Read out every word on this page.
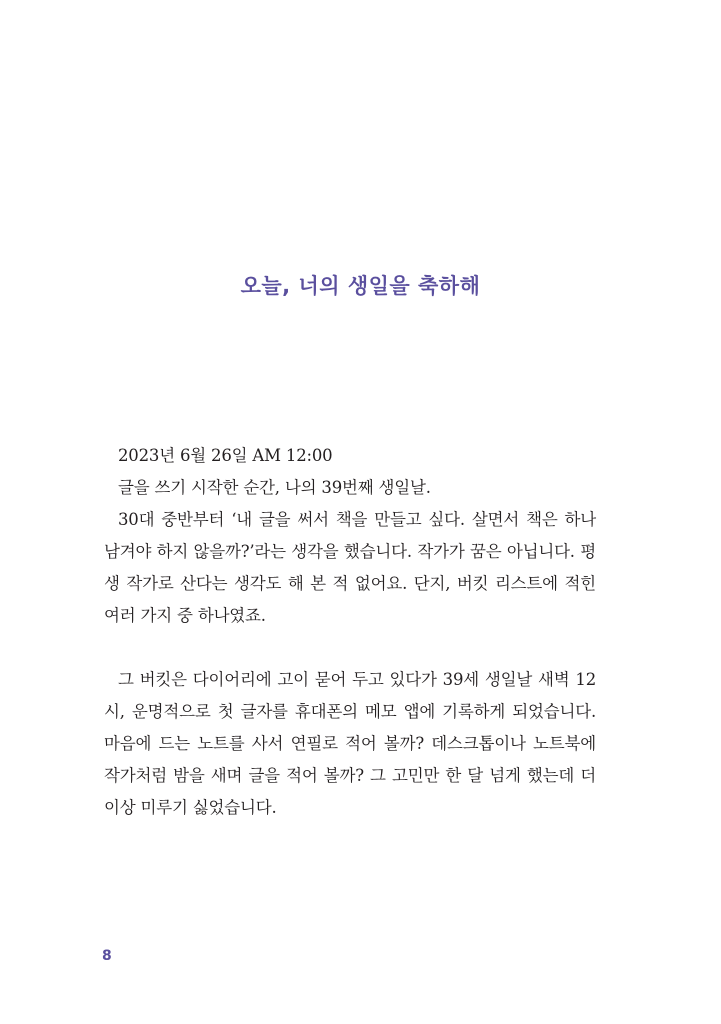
오늘, 너의 생일을 축하해

2023년 6월 26일 AM 12:00

글을 쓰기 시작한 순간, 나의 39번째 생일날.

30대 중반부터 ‘내 글을 써서 책을 만들고 싶다. 살면서 책은 하나 남겨야 하지 않을까?’라는 생각을 했습니다. 작가가 꿈은 아닙니다. 평생 작가로 산다는 생각도 해 본 적 없어요. 단지, 버킷 리스트에 적힌 여러 가지 중 하나였죠.

그 버킷은 다이어리에 고이 묻어 두고 있다가 39세 생일날 새벽 12시, 운명적으로 첫 글자를 휴대폰의 메모 앱에 기록하게 되었습니다. 마음에 드는 노트를 사서 연필로 적어 볼까? 데스크톱이나 노트북에 작가처럼 밤을 새며 글을 적어 볼까? 그 고민만 한 달 넘게 했는데 더 이상 미루기 싫었습니다.

8
